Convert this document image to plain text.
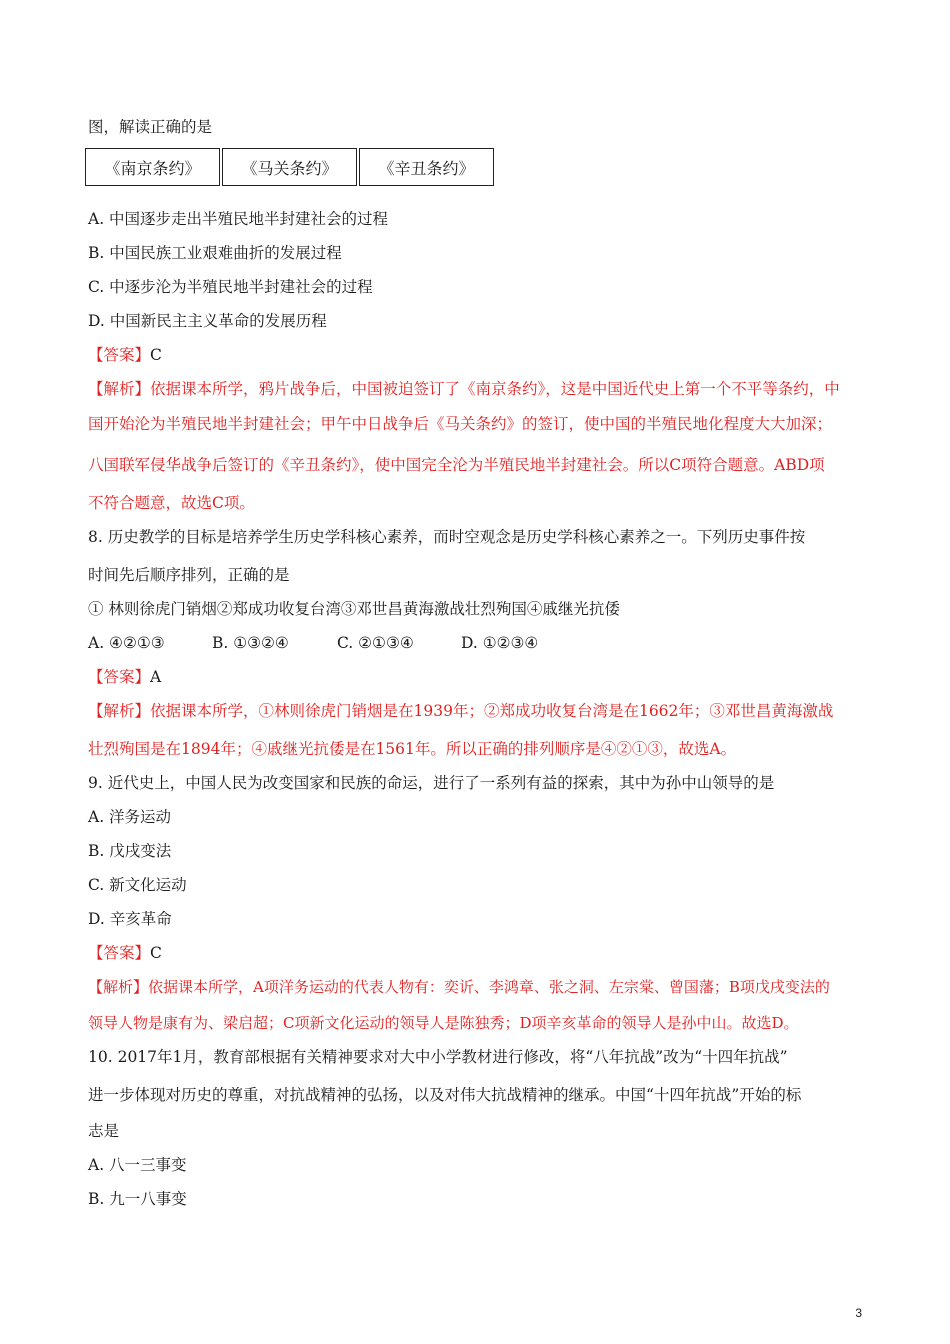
图，解读正确的是
《南京条约》	《马关条约》	《辛丑条约》
A. 中国逐步走出半殖民地半封建社会的过程
B. 中国民族工业艰难曲折的发展过程
C. 中逐步沦为半殖民地半封建社会的过程
D. 中国新民主主义革命的发展历程
【答案】C
【解析】依据课本所学，鸦片战争后，中国被迫签订了《南京条约》，这是中国近代史上第一个不平等条约，中
国开始沦为半殖民地半封建社会；甲午中日战争后《马关条约》的签订，使中国的半殖民地化程度大大加深；
八国联军侵华战争后签订的《辛丑条约》，使中国完全沦为半殖民地半封建社会。所以C项符合题意。ABD项
不符合题意，故选C项。
8. 历史教学的目标是培养学生历史学科核心素养，而时空观念是历史学科核心素养之一。下列历史事件按
时间先后顺序排列，正确的是
① 林则徐虎门销烟②郑成功收复台湾③邓世昌黄海激战壮烈殉国④戚继光抗倭
A. ④②①③	B. ①③②④	C. ②①③④	D. ①②③④
【答案】A
【解析】依据课本所学，①林则徐虎门销烟是在1939年；②郑成功收复台湾是在1662年；③邓世昌黄海激战
壮烈殉国是在1894年；④戚继光抗倭是在1561年。所以正确的排列顺序是④②①③，故选A。
9. 近代史上，中国人民为改变国家和民族的命运，进行了一系列有益的探索，其中为孙中山领导的是
A. 洋务运动
B. 戊戌变法
C. 新文化运动
D. 辛亥革命
【答案】C
【解析】依据课本所学，A项洋务运动的代表人物有：奕䜣、李鸿章、张之洞、左宗棠、曾国藩；B项戊戌变法的
领导人物是康有为、梁启超；C项新文化运动的领导人是陈独秀；D项辛亥革命的领导人是孙中山。故选D。
10. 2017年1月，教育部根据有关精神要求对大中小学教材进行修改，将“八年抗战”改为“十四年抗战”
进一步体现对历史的尊重，对抗战精神的弘扬，以及对伟大抗战精神的继承。中国“十四年抗战”开始的标
志是
A. 八一三事变
B. 九一八事变
3
